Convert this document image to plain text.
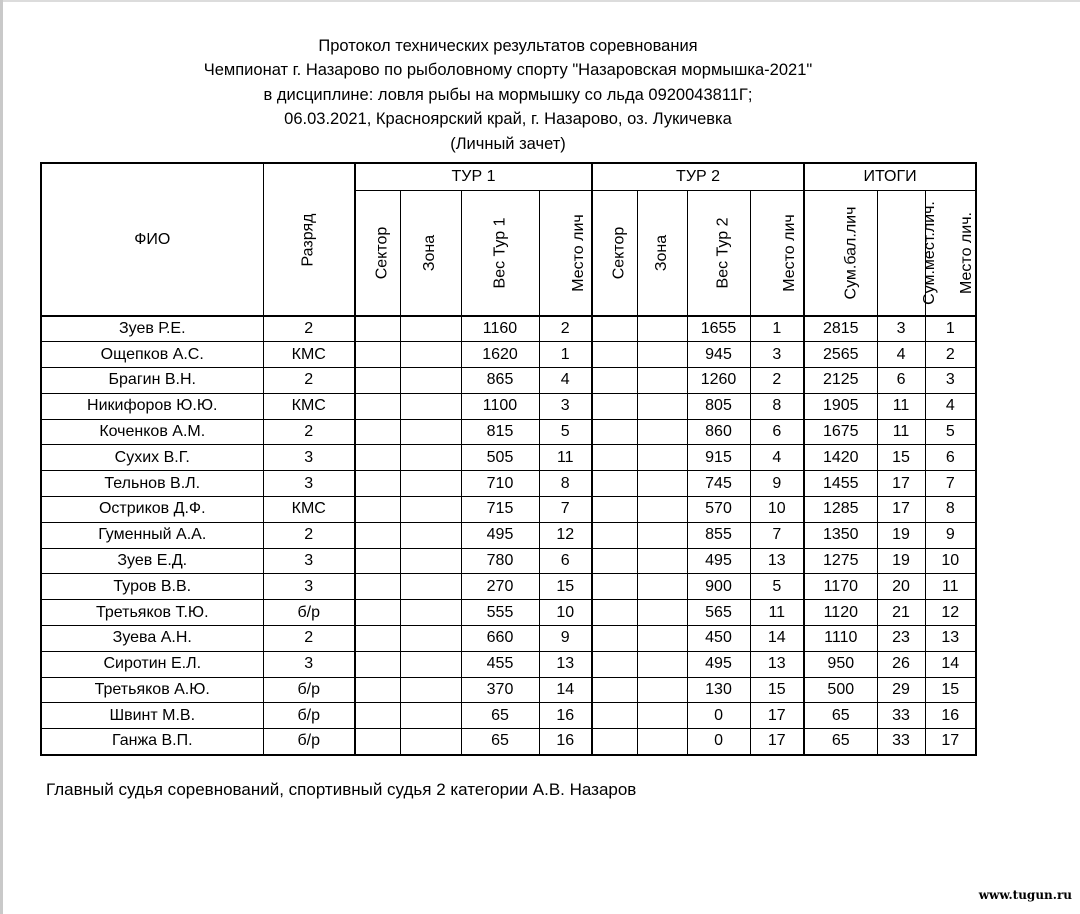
Протокол технических результатов соревнования
Чемпионат г. Назарово по рыболовному спорту "Назаровская мормышка-2021"
в дисциплине: ловля рыбы на мормышку со льда 0920043811Г;
06.03.2021, Красноярский край, г. Назарово, оз. Лукичевка
(Личный зачет)
ФИО	Разряд	ТУР 1				ТУР 2				ИТОГИ		
		Сектор	Зона	Вес Тур 1	Место лич	Сектор	Зона	Вес Тур 2	Место лич	Сум.бал.лич	Сум.мест.лич.	Место лич.
Зуев Р.Е.	2			1160	2			1655	1	2815	3	1
Ощепков А.С.	КМС			1620	1			945	3	2565	4	2
Брагин В.Н.	2			865	4			1260	2	2125	6	3
Никифоров Ю.Ю.	КМС			1100	3			805	8	1905	11	4
Коченков А.М.	2			815	5			860	6	1675	11	5
Сухих В.Г.	3			505	11			915	4	1420	15	6
Тельнов В.Л.	3			710	8			745	9	1455	17	7
Остриков Д.Ф.	КМС			715	7			570	10	1285	17	8
Гуменный А.А.	2			495	12			855	7	1350	19	9
Зуев Е.Д.	3			780	6			495	13	1275	19	10
Туров В.В.	3			270	15			900	5	1170	20	11
Третьяков Т.Ю.	б/р			555	10			565	11	1120	21	12
Зуева А.Н.	2			660	9			450	14	1110	23	13
Сиротин Е.Л.	3			455	13			495	13	950	26	14
Третьяков А.Ю.	б/р			370	14			130	15	500	29	15
Швинт М.В.	б/р			65	16			0	17	65	33	16
Ганжа В.П.	б/р			65	16			0	17	65	33	17
Главный судья соревнований, спортивный судья 2 категории А.В. Назаров
www.tugun.ru
